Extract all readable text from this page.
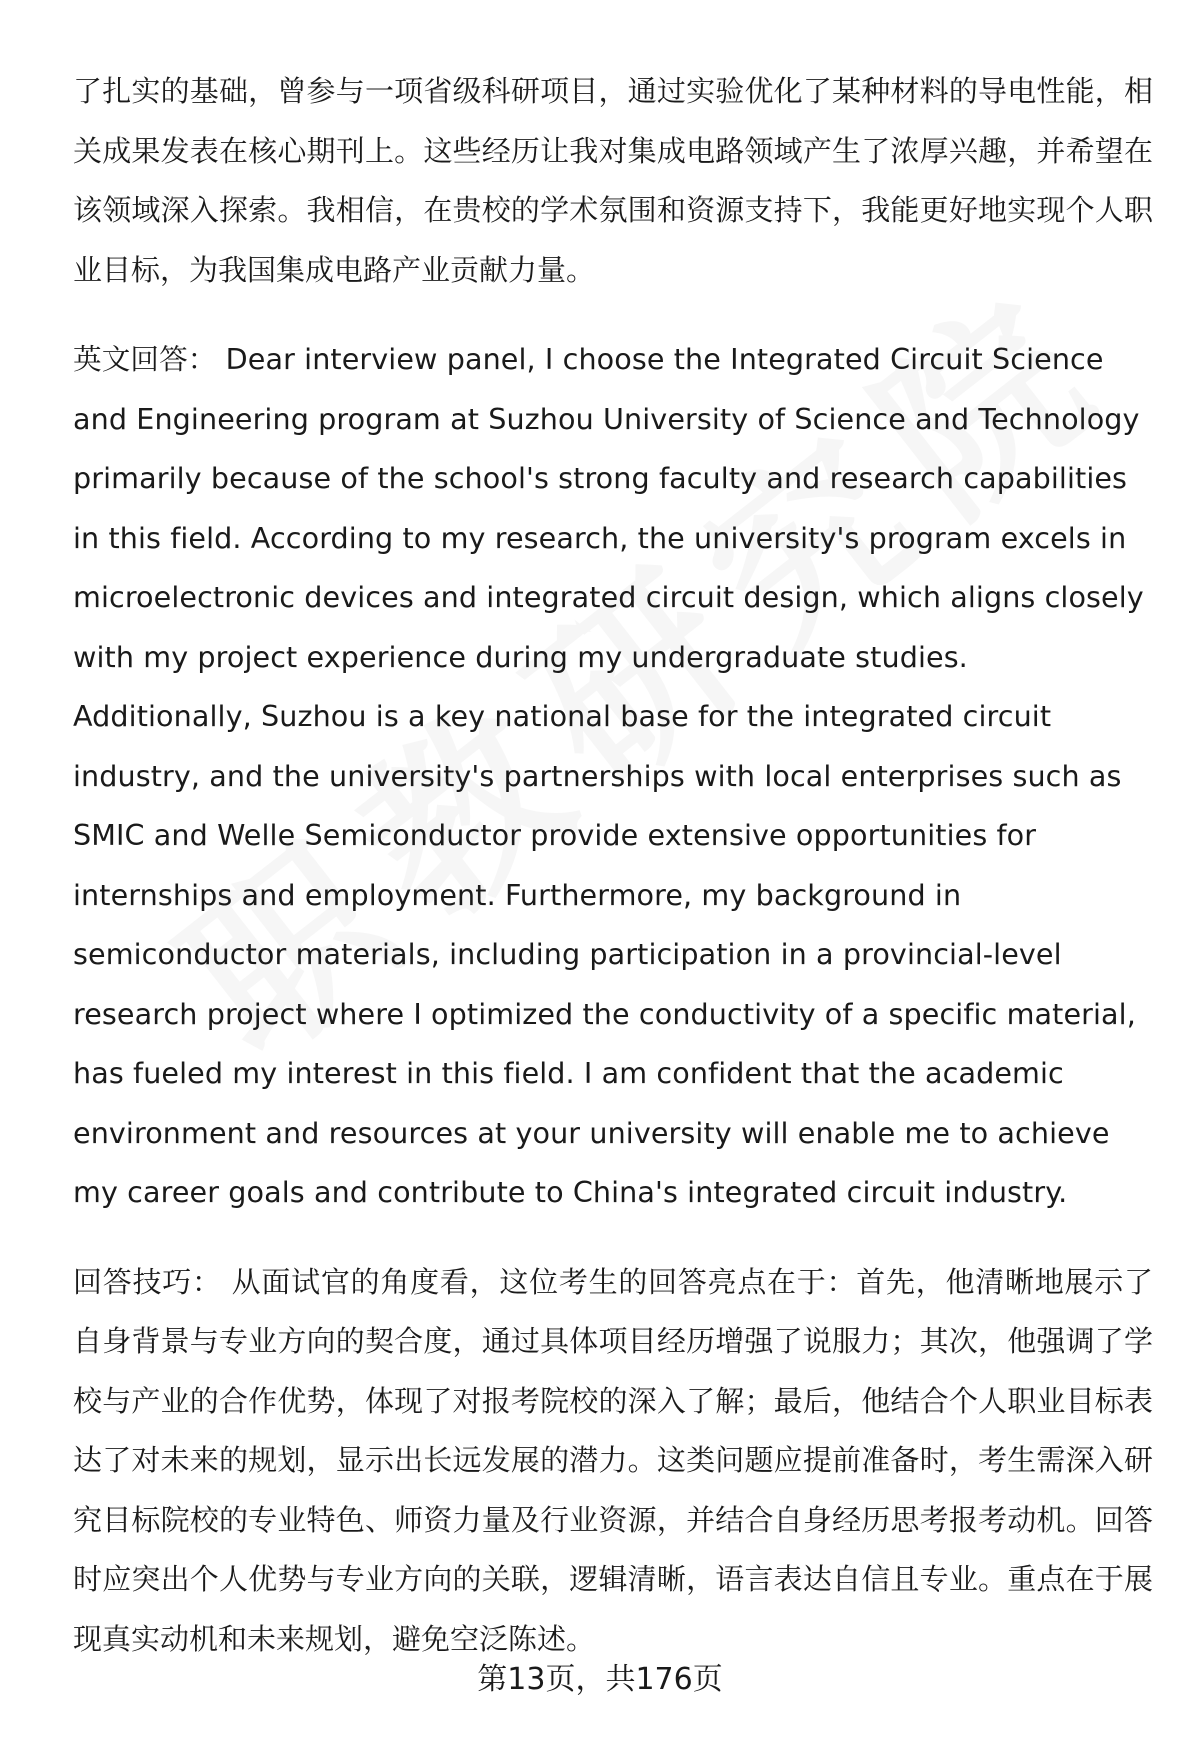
了扎实的基础，曾参与一项省级科研项目，通过实验优化了某种材料的导电性能，相关成果发表在核心期刊上。这些经历让我对集成电路领域产生了浓厚兴趣，并希望在该领域深入探索。我相信，在贵校的学术氛围和资源支持下，我能更好地实现个人职业目标，为我国集成电路产业贡献力量。

英文回答： Dear interview panel, I choose the Integrated Circuit Science and Engineering program at Suzhou University of Science and Technology primarily because of the school's strong faculty and research capabilities in this field. According to my research, the university's program excels in microelectronic devices and integrated circuit design, which aligns closely with my project experience during my undergraduate studies. Additionally, Suzhou is a key national base for the integrated circuit industry, and the university's partnerships with local enterprises such as SMIC and Welle Semiconductor provide extensive opportunities for internships and employment. Furthermore, my background in semiconductor materials, including participation in a provincial-level research project where I optimized the conductivity of a specific material, has fueled my interest in this field. I am confident that the academic environment and resources at your university will enable me to achieve my career goals and contribute to China's integrated circuit industry.

回答技巧： 从面试官的角度看，这位考生的回答亮点在于：首先，他清晰地展示了自身背景与专业方向的契合度，通过具体项目经历增强了说服力；其次，他强调了学校与产业的合作优势，体现了对报考院校的深入了解；最后，他结合个人职业目标表达了对未来的规划，显示出长远发展的潜力。这类问题应提前准备时，考生需深入研究目标院校的专业特色、师资力量及行业资源，并结合自身经历思考报考动机。回答时应突出个人优势与专业方向的关联，逻辑清晰，语言表达自信且专业。重点在于展现真实动机和未来规划，避免空泛陈述。

第13页，共176页
